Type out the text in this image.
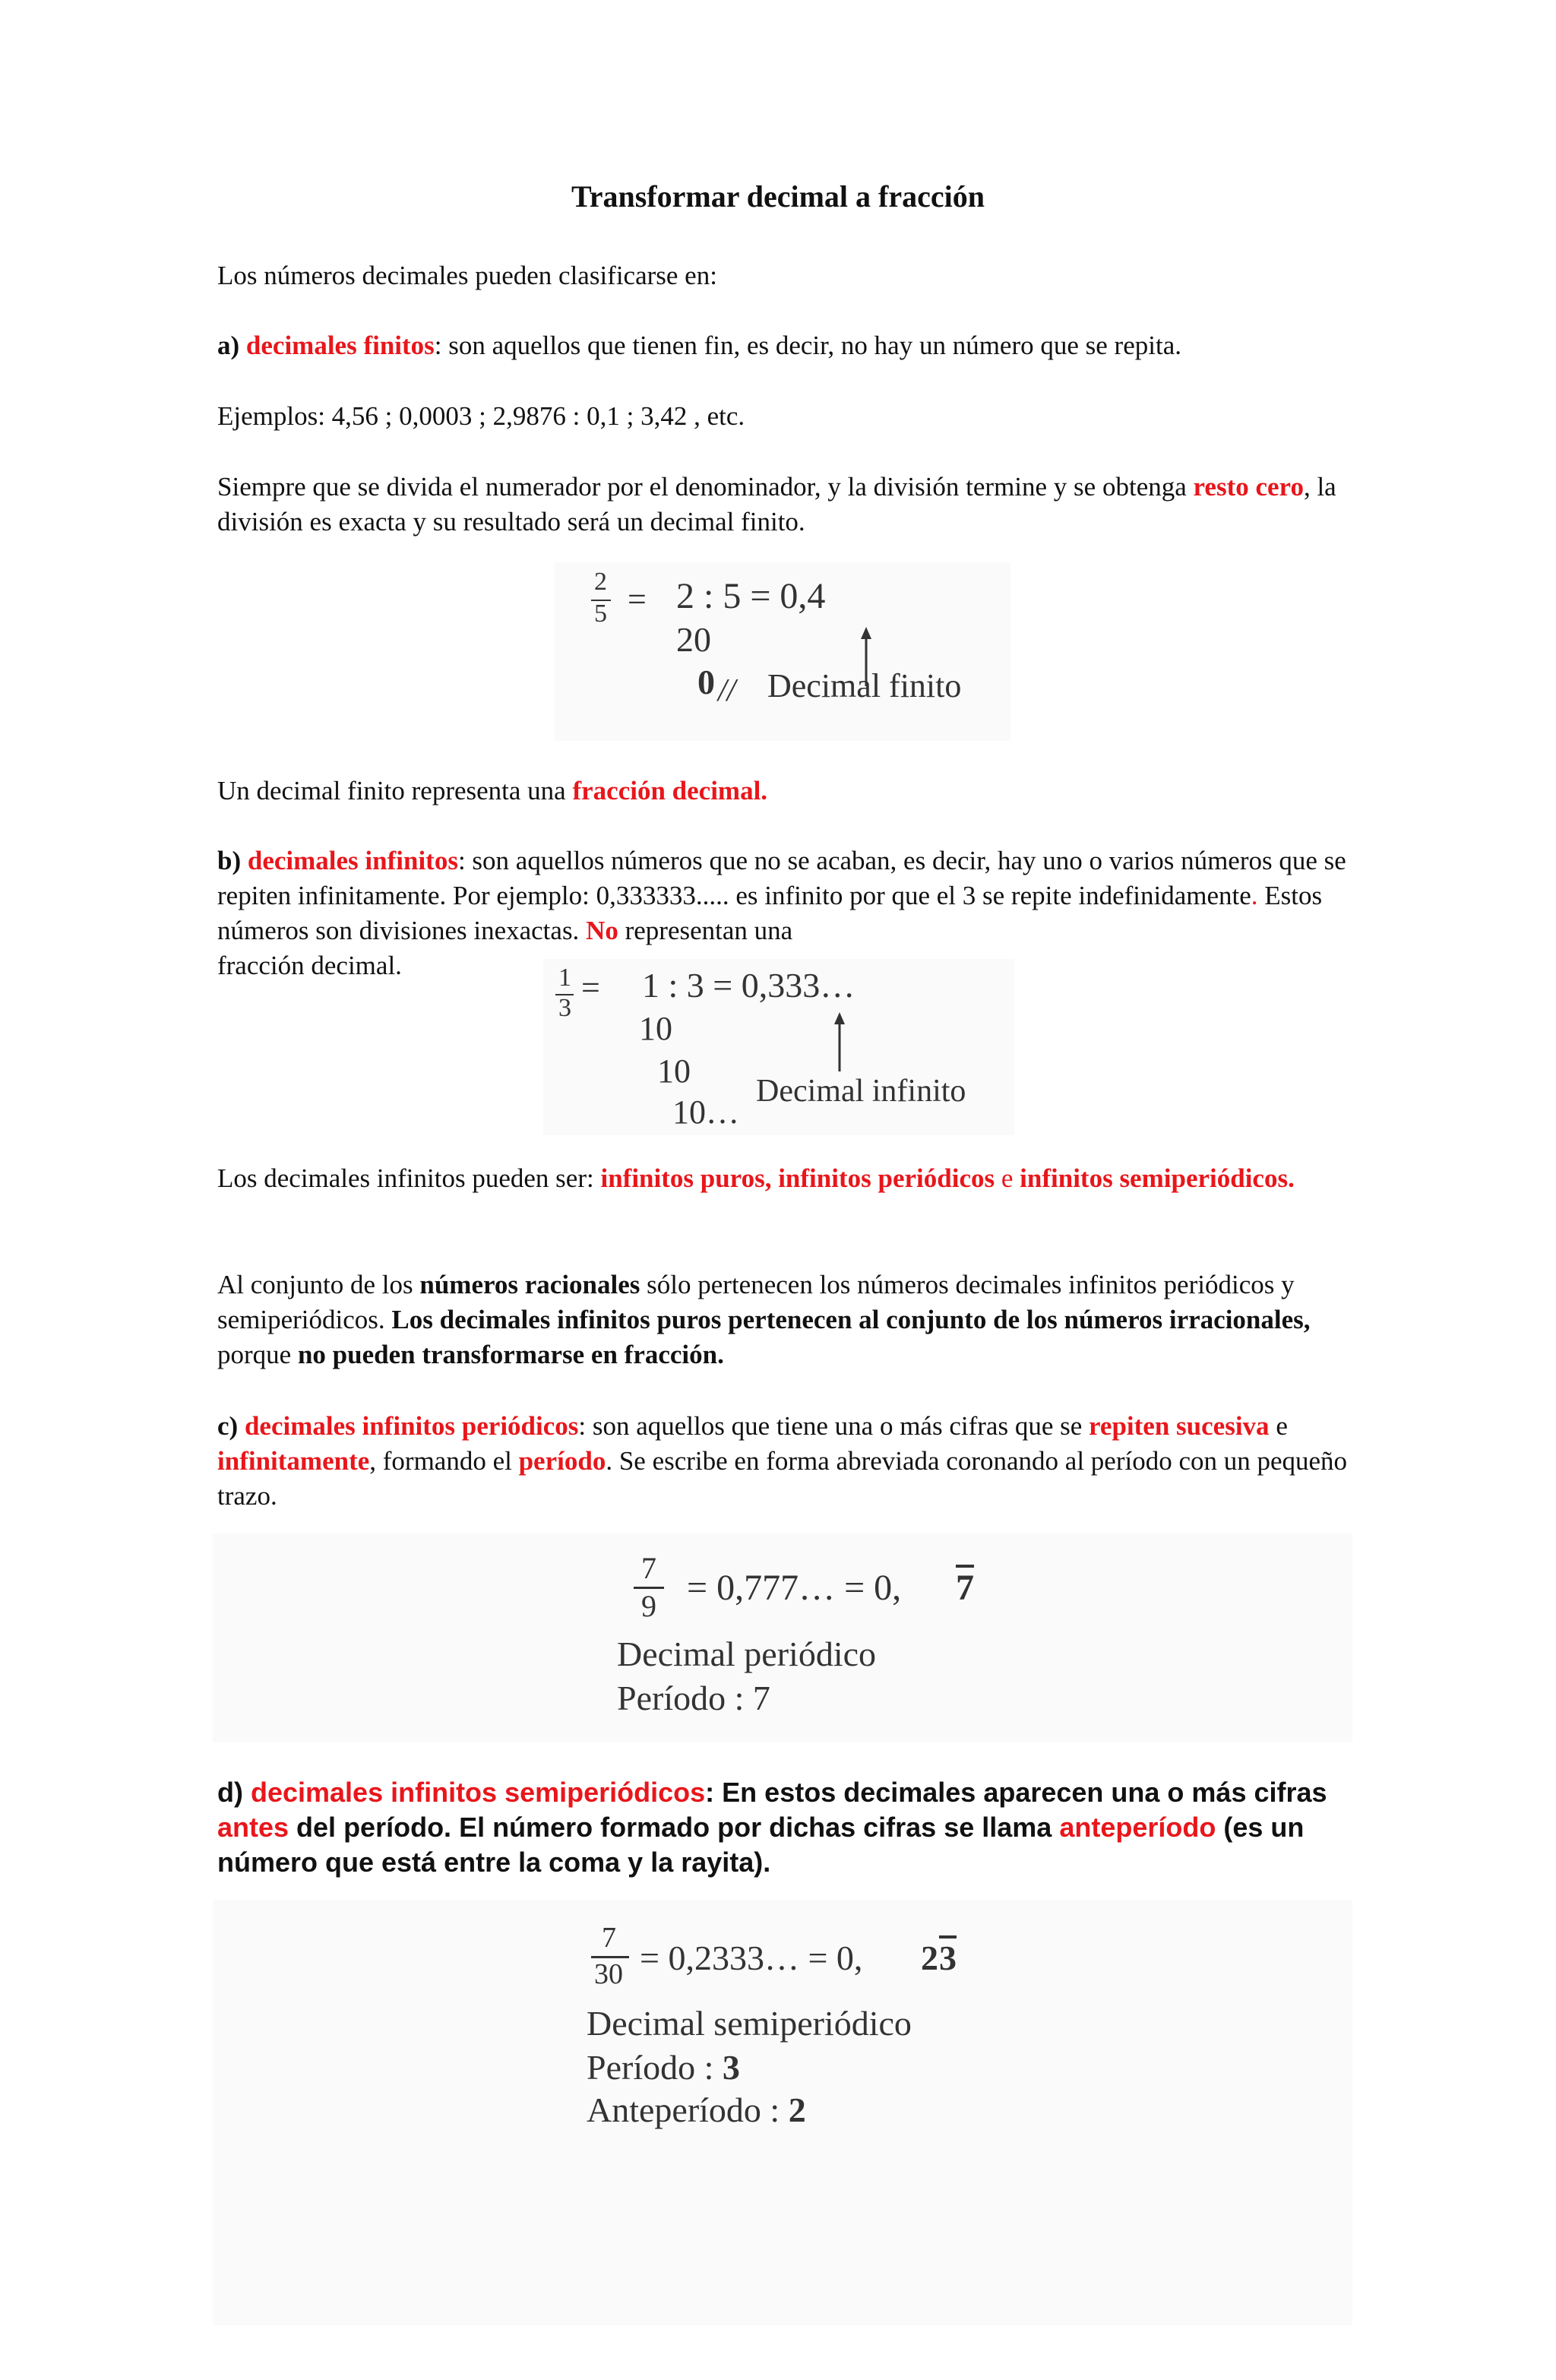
Transformar decimal a fracción
Los números decimales pueden clasificarse en:
a) decimales finitos: son aquellos que tienen fin, es decir, no hay un número que se repita.
Ejemplos: 4,56 ; 0,0003 ; 2,9876 : 0,1 ; 3,42 , etc.
Siempre que se divida el numerador por el denominador, y la división termine y se obtenga resto cero, la división es exacta y su resultado será un decimal finito.
2
5 = 2 : 5 = 0,4
20
0 // Decimal finito
Un decimal finito representa una fracción decimal.
b) decimales infinitos: son aquellos números que no se acaban, es decir, hay uno o varios números que se repiten infinitamente. Por ejemplo: 0,333333..... es infinito por que el 3 se repite indefinidamente. Estos números son divisiones inexactas. No representan una
fracción decimal.	1
3
= 1 : 3 = 0,333…
10
10
10…
Decimal infinito
Los decimales infinitos pueden ser: infinitos puros, infinitos periódicos e infinitos semiperiódicos.
Al conjunto de los números racionales sólo pertenecen los números decimales infinitos periódicos y semiperiódicos. Los decimales infinitos puros pertenecen al conjunto de los números irracionales, porque no pueden transformarse en fracción.
c) decimales infinitos periódicos: son aquellos que tiene una o más cifras que se repiten sucesiva e infinitamente, formando el período. Se escribe en forma abreviada coronando al período con un pequeño trazo.
7
9 = 0,777… = 0, 7
Decimal periódico
Período : 7
d) decimales infinitos semiperiódicos: En estos decimales aparecen una o más cifras antes del período. El número formado por dichas cifras se llama anteperíodo (es un número que está entre la coma y la rayita).
7
30 = 0,2333… = 0, 2 3
Decimal semiperiódico
Período : 3
Anteperíodo : 2
